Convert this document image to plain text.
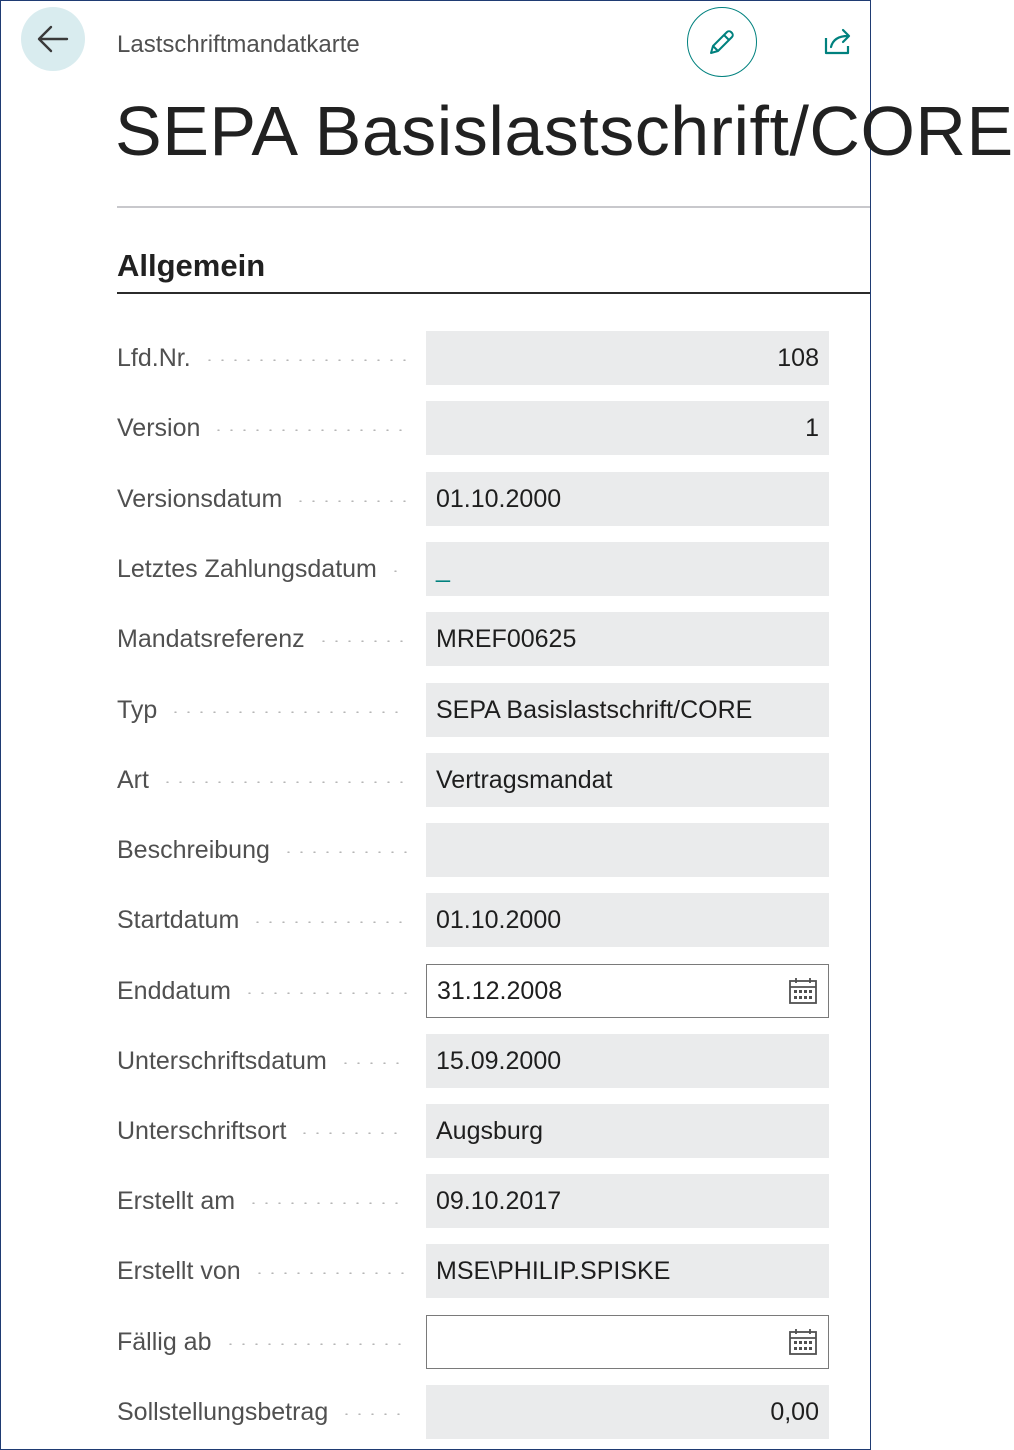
Lastschriftmandatkarte
SEPA Basislastschrift/CORE
Allgemein
Lfd.Nr.	108
Version	1
Versionsdatum	01.10.2000
Letztes Zahlungsdatum _
Mandatsreferenz	MREF00625
Typ	SEPA Basislastschrift/CORE
Art	Vertragsmandat
Beschreibung
Startdatum	01.10.2000
Enddatum	31.12.2008
Unterschriftsdatum	15.09.2000
Unterschriftsort	Augsburg
Erstellt am	09.10.2017
Erstellt von	MSE\PHILIP.SPISKE
Fällig ab
Sollstellungsbetrag	0,00
